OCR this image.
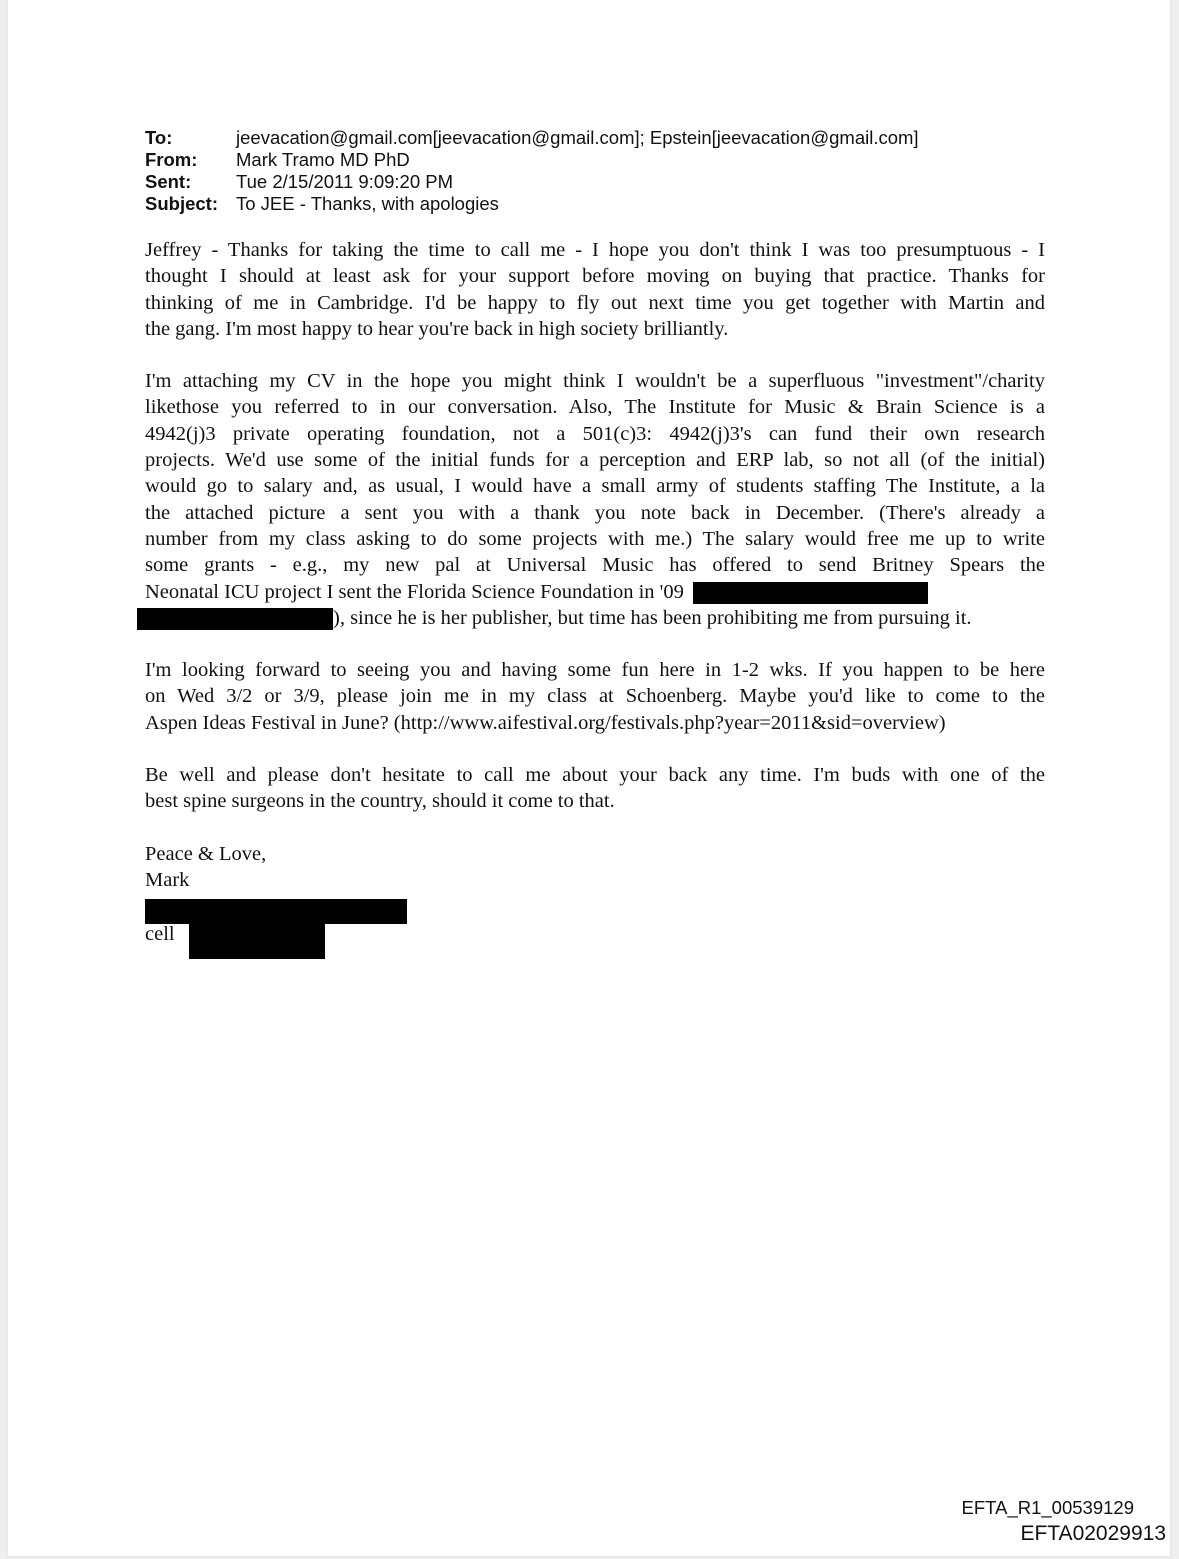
To:	jeevacation@gmail.com[jeevacation@gmail.com]; Epstein[jeevacation@gmail.com]
From:	Mark Tramo MD PhD
Sent:	Tue 2/15/2011 9:09:20 PM
Subject: To JEE - Thanks, with apologies
Jeffrey - Thanks for taking the time to call me - I hope you don't think I was too presumptuous - I
thought I should at least ask for your support before moving on buying that practice. Thanks for
thinking of me in Cambridge. I'd be happy to fly out next time you get together with Martin and
the gang. I'm most happy to hear you're back in high society brilliantly.
I'm attaching my CV in the hope you might think I wouldn't be a superfluous "investment"/charity
likethose you referred to in our conversation. Also, The Institute for Music & Brain Science is a
4942(j)3 private operating foundation, not a 501(c)3: 4942(j)3's can fund their own research
projects. We'd use some of the initial funds for a perception and ERP lab, so not all (of the initial)
would go to salary and, as usual, I would have a small army of students staffing The Institute, a la
the attached picture a sent you with a thank you note back in December. (There's already a
number from my class asking to do some projects with me.) The salary would free me up to write
some grants - e.g., my new pal at Universal Music has offered to send Britney Spears the
Neonatal ICU project I sent the Florida Science Foundation in '09
), since he is her publisher, but time has been prohibiting me from pursuing it.
I'm looking forward to seeing you and having some fun here in 1-2 wks. If you happen to be here
on Wed 3/2 or 3/9, please join me in my class at Schoenberg. Maybe you'd like to come to the
Aspen Ideas Festival in June? (http://www.aifestival.org/festivals.php?year=2011&sid=overview)
Be well and please don't hesitate to call me about your back any time. I'm buds with one of the
best spine surgeons in the country, should it come to that.
Peace & Love,
Mark
cell
EFTA_R1_00539129
EFTA02029913
